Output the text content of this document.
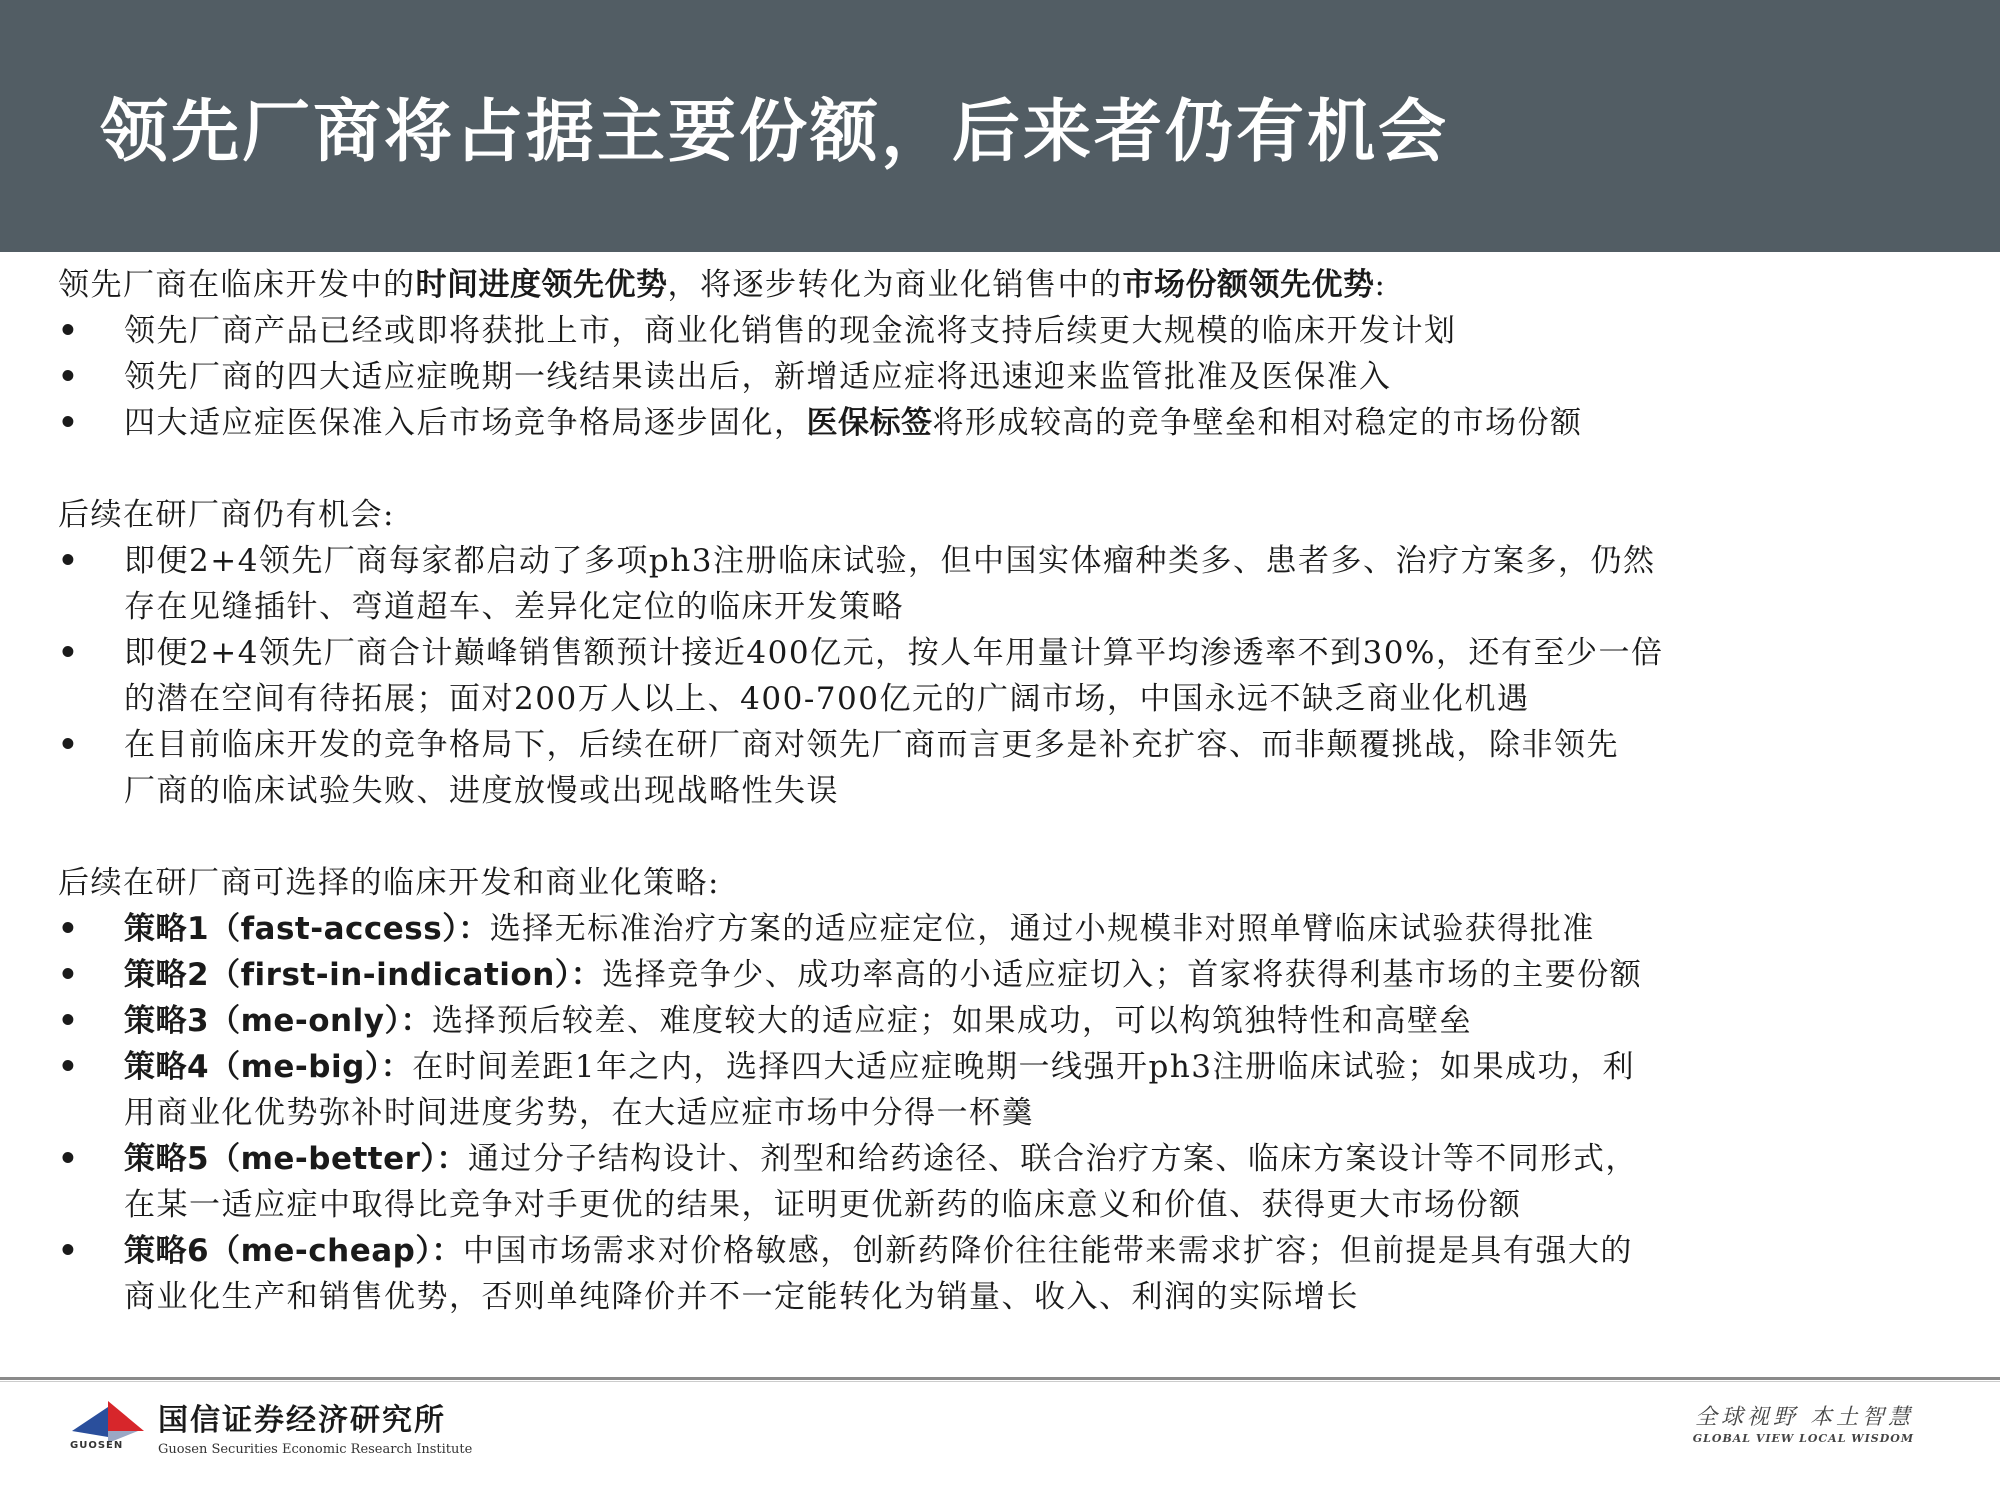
领先厂商将占据主要份额，后来者仍有机会
领先厂商在临床开发中的时间进度领先优势，将逐步转化为商业化销售中的市场份额领先优势:
• 领先厂商产品已经或即将获批上市，商业化销售的现金流将支持后续更大规模的临床开发计划
• 领先厂商的四大适应症晚期一线结果读出后，新增适应症将迅速迎来监管批准及医保准入
• 四大适应症医保准入后市场竞争格局逐步固化，医保标签将形成较高的竞争壁垒和相对稳定的市场份额
后续在研厂商仍有机会:
• 即便2+4领先厂商每家都启动了多项ph3注册临床试验，但中国实体瘤种类多、患者多、治疗方案多，仍然
存在见缝插针、弯道超车、差异化定位的临床开发策略
• 即便2+4领先厂商合计巅峰销售额预计接近400亿元，按人年用量计算平均渗透率不到30%，还有至少一倍
的潜在空间有待拓展；面对200万人以上、400-700亿元的广阔市场，中国永远不缺乏商业化机遇
• 在目前临床开发的竞争格局下，后续在研厂商对领先厂商而言更多是补充扩容、而非颠覆挑战，除非领先
厂商的临床试验失败、进度放慢或出现战略性失误
后续在研厂商可选择的临床开发和商业化策略:
• 策略1（fast-access）：选择无标准治疗方案的适应症定位，通过小规模非对照单臂临床试验获得批准
• 策略2（first-in-indication）：选择竞争少、成功率高的小适应症切入；首家将获得利基市场的主要份额
• 策略3（me-only）：选择预后较差、难度较大的适应症；如果成功，可以构筑独特性和高壁垒
• 策略4（me-big）：在时间差距1年之内，选择四大适应症晚期一线强开ph3注册临床试验；如果成功，利
用商业化优势弥补时间进度劣势，在大适应症市场中分得一杯羹
• 策略5（me-better）：通过分子结构设计、剂型和给药途径、联合治疗方案、临床方案设计等不同形式，
在某一适应症中取得比竞争对手更优的结果，证明更优新药的临床意义和价值、获得更大市场份额
• 策略6（me-cheap）：中国市场需求对价格敏感，创新药降价往往能带来需求扩容；但前提是具有强大的
商业化生产和销售优势，否则单纯降价并不一定能转化为销量、收入、利润的实际增长
GUOSEN
国信证券经济研究所
Guosen Securities Economic Research Institute
全球视野 本土智慧
GLOBAL VIEW LOCAL WISDOM
